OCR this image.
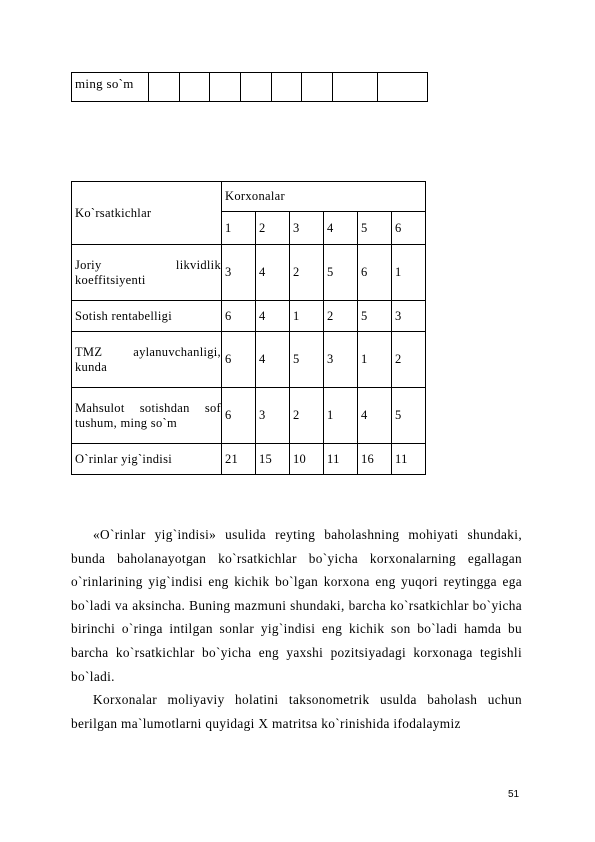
ming so`m								
Ko`rsatkichlar	Korxonalar					
	1	2	3	4	5	6

Joriy likvidlik
koeffitsiyenti	3	4	2	5	6	1
Sotish rentabelligi	6	4	1	2	5	3

TMZ aylanuvchanligi,
kunda	6	4	5	3	1	2

Mahsulot sotishdan sof
tushum, ming so`m	6	3	2	1	4	5
O`rinlar yig`indisi	21	15	10	11	16	11

«O`rinlar yig`indisi» usulida reyting baholashning mohiyati shundaki, bunda baholanayotgan ko`rsatkichlar bo`yicha korxonalarning egallagan o`rinlarining yig`indisi eng kichik bo`lgan korxona eng yuqori reytingga ega bo`ladi va aksincha. Buning mazmuni shundaki, barcha ko`rsatkichlar bo`yicha birinchi o`ringa intilgan sonlar yig`indisi eng kichik son bo`ladi hamda bu barcha ko`rsatkichlar bo`yicha eng yaxshi pozitsiyadagi korxonaga tegishli bo`ladi.

Korxonalar moliyaviy holatini taksonometrik usulda baholash uchun berilgan ma`lumotlarni quyidagi X matritsa ko`rinishida ifodalaymiz

51
